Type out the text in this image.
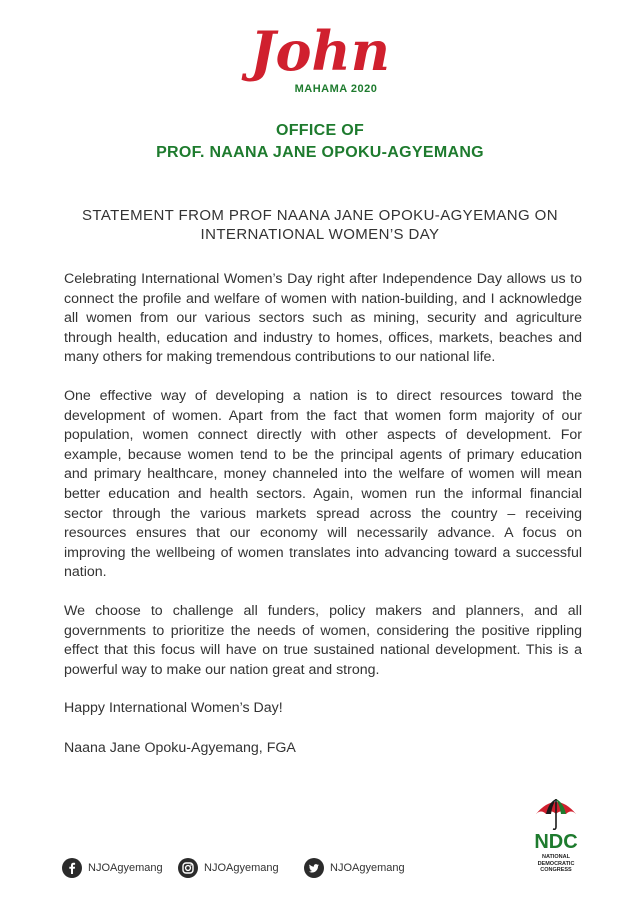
John
MAHAMA 2020
OFFICE OF
PROF. NAANA JANE OPOKU-AGYEMANG
STATEMENT FROM PROF NAANA JANE OPOKU-AGYEMANG ON
INTERNATIONAL WOMEN’S DAY

Celebrating International Women’s Day right after Independence Day allows us to connect the profile and welfare of women with nation-building, and I acknowledge all women from our various sectors such as mining, security and agriculture through health, education and industry to homes, offices, markets, beaches and many others for making tremendous contributions to our national life.

One effective way of developing a nation is to direct resources toward the development of women. Apart from the fact that women form majority of our population, women connect directly with other aspects of development. For example, because women tend to be the principal agents of primary education and primary healthcare, money channeled into the welfare of women will mean better education and health sectors. Again, women run the informal financial sector through the various markets spread across the country – receiving resources ensures that our economy will necessarily advance. A focus on improving the wellbeing of women translates into advancing toward a successful nation.

We choose to challenge all funders, policy makers and planners, and all governments to prioritize the needs of women, considering the positive rippling effect that this focus will have on true sustained national development. This is a powerful way to make our nation great and strong.

Happy International Women’s Day!

Naana Jane Opoku-Agyemang, FGA

NJOAgyemang	NJOAgyemang	NJOAgyemang
NDC
NATIONAL
DEMOCRATIC
CONGRESS
